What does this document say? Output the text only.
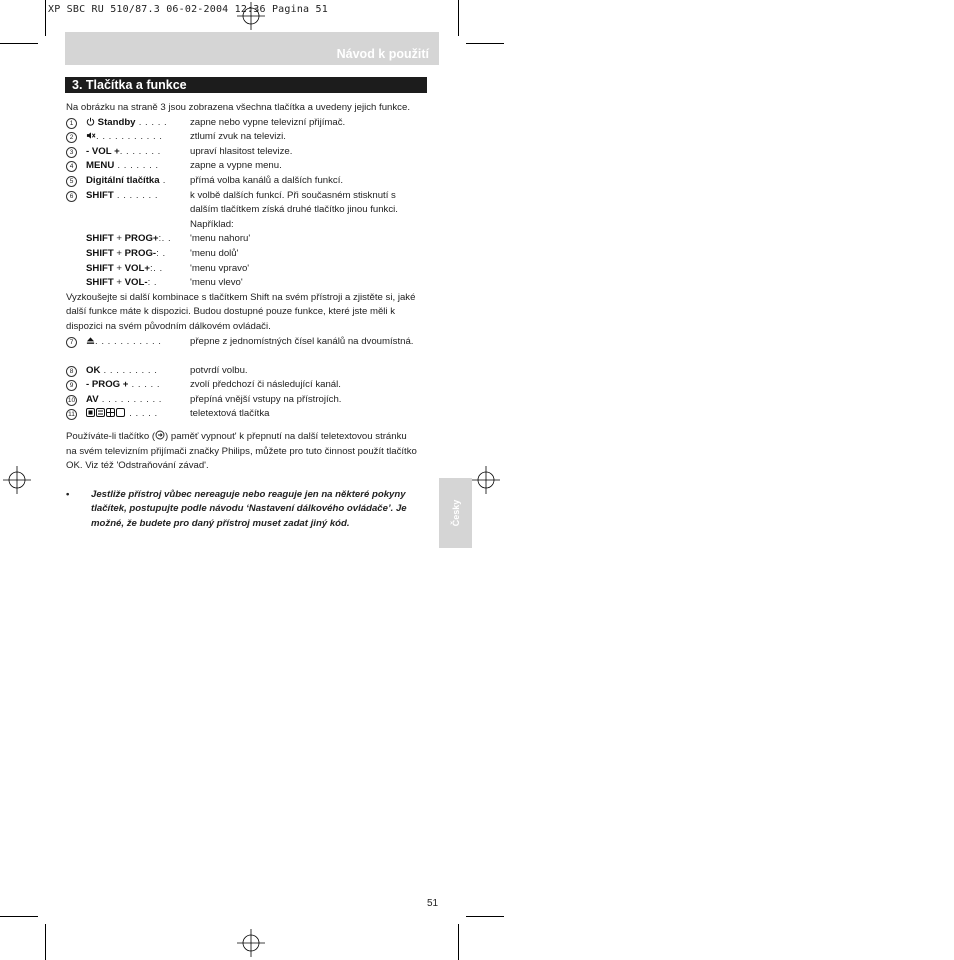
XP SBC RU 510/87.3 06-02-2004 12:36 Pagina 51
Návod k použití
3. Tlačítka a funkce

Na obrázku na straně 3 jsou zobrazena všechna tlačítka a uvedeny jejich funkce.

1	Standby . . . . . zapne nebo vypne televizní přijímač.
2	. . . . . . . . . . .	ztlumí zvuk na televizi.
3	- VOL +. . . . . . .	upraví hlasitost televize.
4	MENU . . . . . . .	zapne a vypne menu.
5	Digitální tlačítka .	přímá volba kanálů a dalších funkcí.
6	SHIFT . . . . . . .	k volbě dalších funkcí. Při současném stisknutí s dalším tlačítkem získá druhé tlačítko jinou funkci. Například:
SHIFT + PROG+:. . 'menu nahoru'
SHIFT + PROG-: .	'menu dolů'
SHIFT + VOL+:. .	'menu vpravo'
SHIFT + VOL-: .	'menu vlevo'

Vyzkoušejte si další kombinace s tlačítkem Shift na svém přístroji a zjistěte si, jaké další funkce máte k dispozici. Budou dostupné pouze funkce, které jste měli k dispozici na svém původním dálkovém ovládači.

7	. . . . . . . . . . .	přepne z jednomístných čísel kanálů na dvoumístná.
8	OK . . . . . . . . .	potvrdí volbu.
9	- PROG + . . . . .	zvolí předchozí či následující kanál.
10 AV . . . . . . . . . .	přepíná vnější vstupy na přístrojích.
11	. . . . .	teletextová tlačítka

Používáte-li tlačítko ( ) paměť vypnout' k přepnutí na další teletextovou stránku na svém televizním přijímači značky Philips, můžete pro tuto činnost použít tlačítko OK. Viz též 'Odstraňování závad'.

• Jestliže přístroj vůbec nereaguje nebo reaguje jen na některé pokyny tlačítek, postupujte podle návodu ‘Nastavení dálkového ovládače’. Je možné, že budete pro daný přístroj muset zadat jiný kód.	Česky
51
